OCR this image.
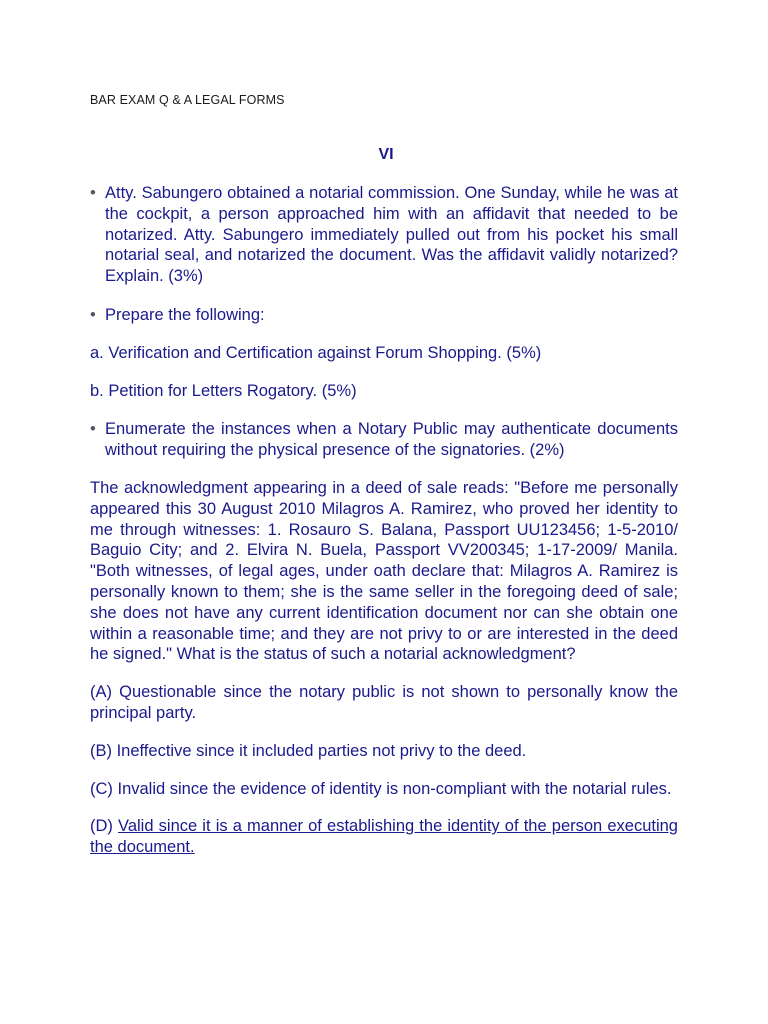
BAR EXAM Q & A LEGAL FORMS
VI
• Atty. Sabungero obtained a notarial commission. One Sunday, while he was at the cockpit, a person approached him with an affidavit that needed to be notarized. Atty. Sabungero immediately pulled out from his pocket his small notarial seal, and notarized the document. Was the affidavit validly notarized? Explain. (3%)
• Prepare the following:

a. Verification and Certification against Forum Shopping. (5%)

b. Petition for Letters Rogatory. (5%)

• Enumerate the instances when a Notary Public may authenticate documents without requiring the physical presence of the signatories. (2%)

The acknowledgment appearing in a deed of sale reads: "Before me personally appeared this 30 August 2010 Milagros A. Ramirez, who proved her identity to me through witnesses: 1. Rosauro S. Balana, Passport UU123456; 1-5-2010/ Baguio City; and 2. Elvira N. Buela, Passport VV200345; 1-17-2009/ Manila. "Both witnesses, of legal ages, under oath declare that: Milagros A. Ramirez is personally known to them; she is the same seller in the foregoing deed of sale; she does not have any current identification document nor can she obtain one within a reasonable time; and they are not privy to or are interested in the deed he signed." What is the status of such a notarial acknowledgment?

(A) Questionable since the notary public is not shown to personally know the principal party.

(B) Ineffective since it included parties not privy to the deed.

(C) Invalid since the evidence of identity is non-compliant with the notarial rules.

(D) Valid since it is a manner of establishing the identity of the person executing the document.
